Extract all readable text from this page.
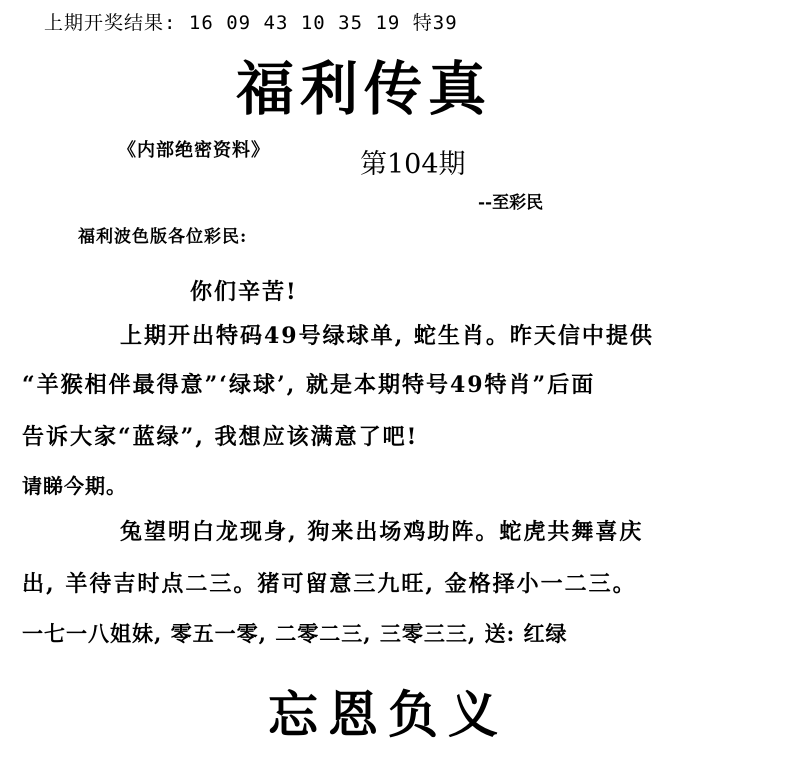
上期开奖结果: 16 09 43 10 35 19 特39
福利传真
《内部绝密资料》	第104期
--至彩民
福利波色版各位彩民:
你们辛苦!
上期开出特码49号绿球单, 蛇生肖。昨天信中提供
“羊猴相伴最得意”‘绿球’, 就是本期特号49特肖”后面
告诉大家“蓝绿”, 我想应该满意了吧!
请睇今期。
兔望明白龙现身, 狗来出场鸡助阵。蛇虎共舞喜庆
出, 羊待吉时点二三。猪可留意三九旺, 金格择小一二三。
一七一八姐妹, 零五一零, 二零二三, 三零三三, 送: 红绿
忘恩负义
